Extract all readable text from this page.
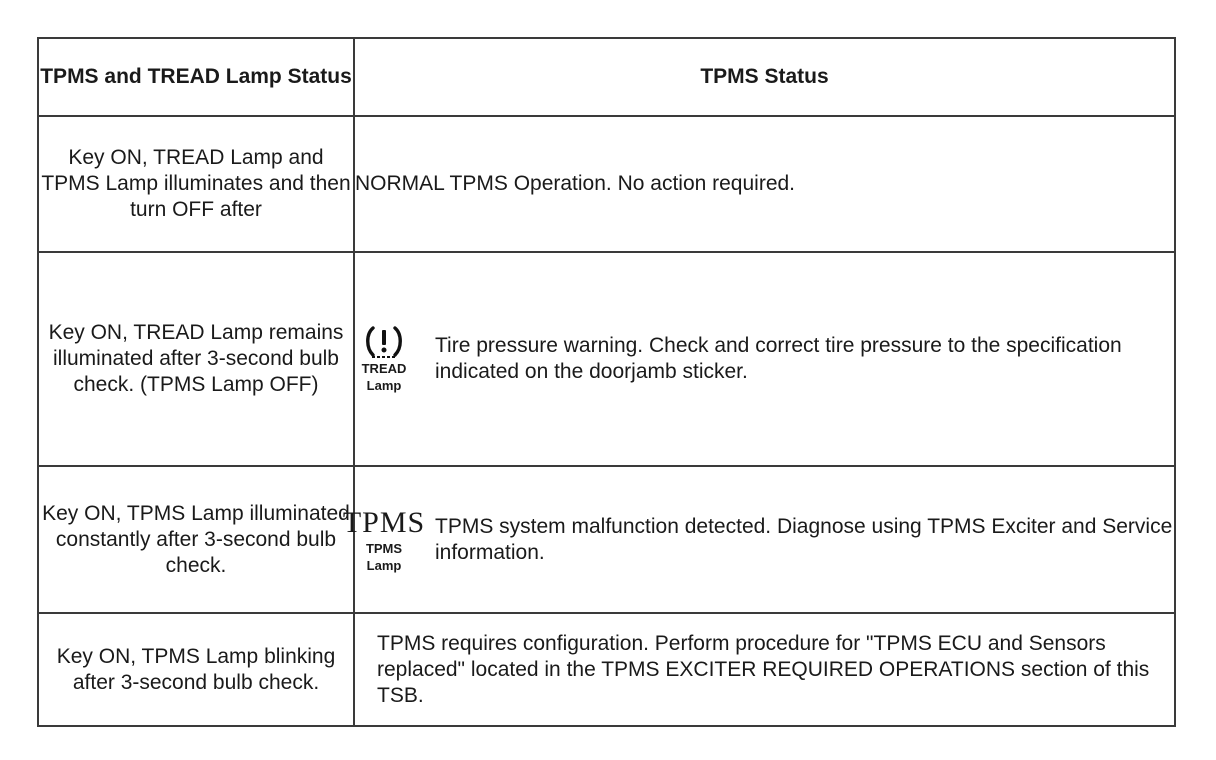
TPMS and TREAD Lamp Status	TPMS Status
Key ON, TREAD Lamp and TPMS Lamp illuminates and then turn OFF after	NORMAL TPMS Operation. No action required.
Key ON, TREAD Lamp remains illuminated after 3-second bulb check. (TPMS Lamp OFF)	TREAD
Lamp
Tire pressure warning. Check and correct tire pressure to the specification indicated on the doorjamb sticker.

Key ON, TPMS Lamp illuminated constantly after 3-second bulb check.	TPMS
TPMS
Lamp
TPMS system malfunction detected. Diagnose using TPMS Exciter and Service information.

Key ON, TPMS Lamp blinking after 3-second bulb check.	TPMS requires configuration. Perform procedure for "TPMS ECU and Sensors replaced" located in the TPMS EXCITER REQUIRED OPERATIONS section of this TSB.
